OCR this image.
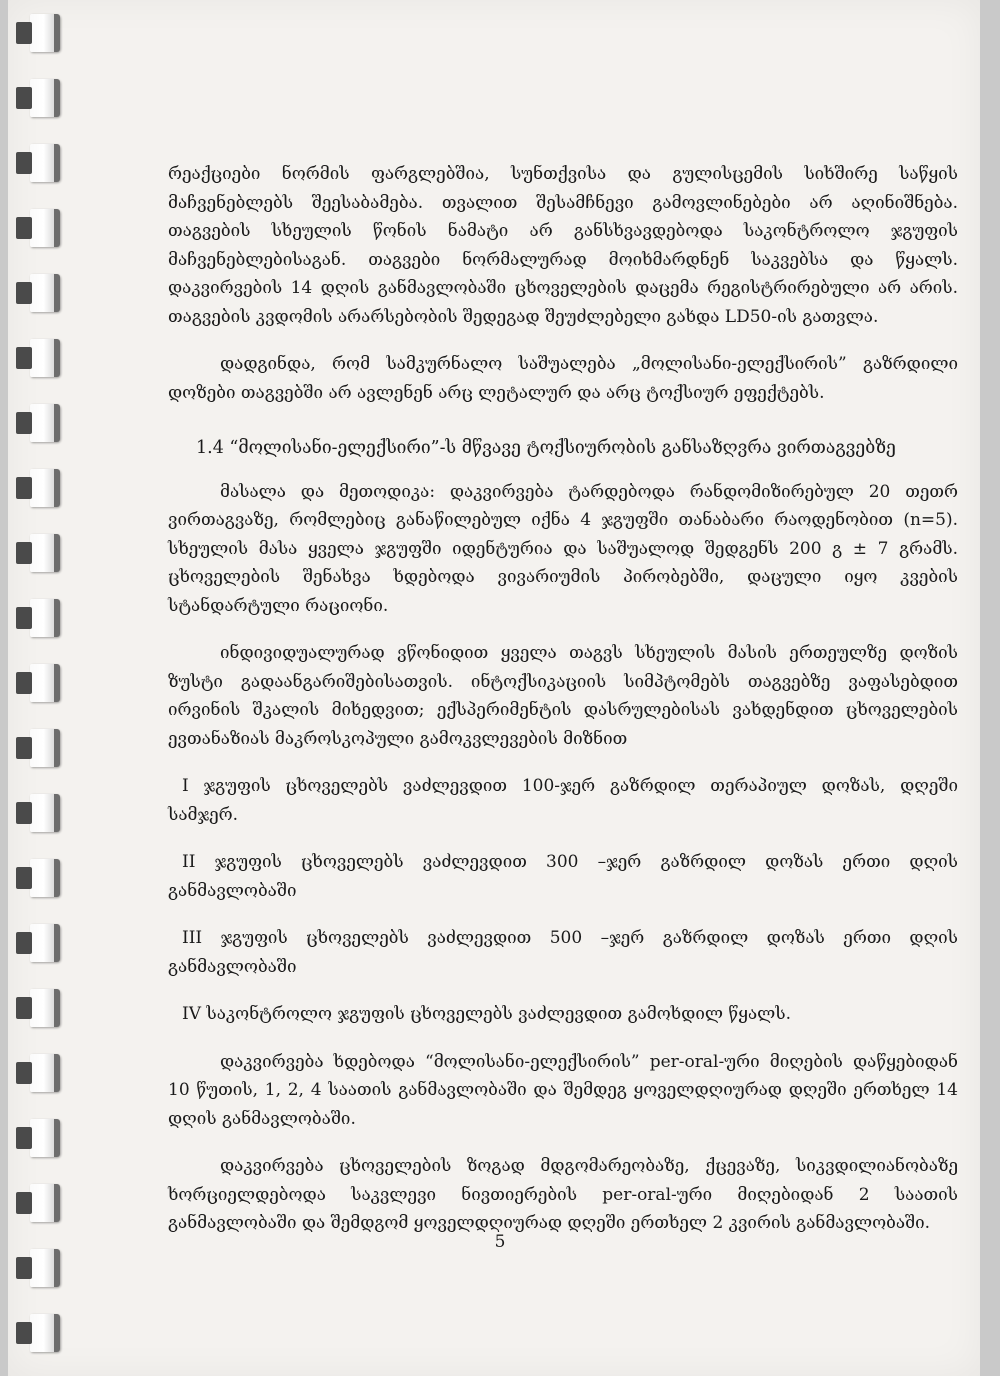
რეაქციები ნორმის ფარგლებშია, სუნთქვისა და გულისცემის სიხშირე საწყის მაჩვენებლებს შეესაბამება. თვალით შესამჩნევი გამოვლინებები არ აღინიშნება. თაგვების სხეულის წონის ნამატი არ განსხვავდებოდა საკონტროლო ჯგუფის მაჩვენებლებისაგან. თაგვები ნორმალურად მოიხმარდნენ საკვებსა და წყალს. დაკვირვების 14 დღის განმავლობაში ცხოველების დაცემა რეგისტრირებული არ არის. თაგვების კვდომის არარსებობის შედეგად შეუძლებელი გახდა LD50-ის გათვლა.

დადგინდა, რომ სამკურნალო საშუალება „მოლისანი-ელექსირის” გაზრდილი დოზები თაგვებში არ ავლენენ არც ლეტალურ და არც ტოქსიურ ეფექტებს.

1.4 “მოლისანი-ელექსირი”-ს მწვავე ტოქსიურობის განსაზღვრა ვირთაგვებზე

მასალა და მეთოდიკა: დაკვირვება ტარდებოდა რანდომიზირებულ 20 თეთრ ვირთაგვაზე, რომლებიც განაწილებულ იქნა 4 ჯგუფში თანაბარი რაოდენობით (n=5). სხეულის მასა ყველა ჯგუფში იდენტურია და საშუალოდ შედგენს 200 გ ± 7 გრამს. ცხოველების შენახვა ხდებოდა ვივარიუმის პირობებში, დაცული იყო კვების სტანდარტული რაციონი.

ინდივიდუალურად ვწონიდით ყველა თაგვს სხეულის მასის ერთეულზე დოზის ზუსტი გადაანგარიშებისათვის. ინტოქსიკაციის სიმპტომებს თაგვებზე ვაფასებდით ირვინის შკალის მიხედვით; ექსპერიმენტის დასრულებისას ვახდენდით ცხოველების ევთანაზიას მაკროსკოპული გამოკვლევების მიზნით

I ჯგუფის ცხოველებს ვაძლევდით 100-ჯერ გაზრდილ თერაპიულ დოზას, დღეში სამჯერ.

II ჯგუფის ცხოველებს ვაძლევდით 300 –ჯერ გაზრდილ დოზას ერთი დღის განმავლობაში

III ჯგუფის ცხოველებს ვაძლევდით 500 –ჯერ გაზრდილ დოზას ერთი დღის განმავლობაში

IV საკონტროლო ჯგუფის ცხოველებს ვაძლევდით გამოხდილ წყალს.

დაკვირვება ხდებოდა “მოლისანი-ელექსირის” per-oral-ური მიღების დაწყებიდან 10 წუთის, 1, 2, 4 საათის განმავლობაში და შემდეგ ყოველდღიურად დღეში ერთხელ 14 დღის განმავლობაში.

დაკვირვება ცხოველების ზოგად მდგომარეობაზე, ქცევაზე, სიკვდილიანობაზე ხორციელდებოდა საკვლევი ნივთიერების per-oral-ური მიღებიდან 2 საათის განმავლობაში და შემდგომ ყოველდღიურად დღეში ერთხელ 2 კვირის განმავლობაში.

5
